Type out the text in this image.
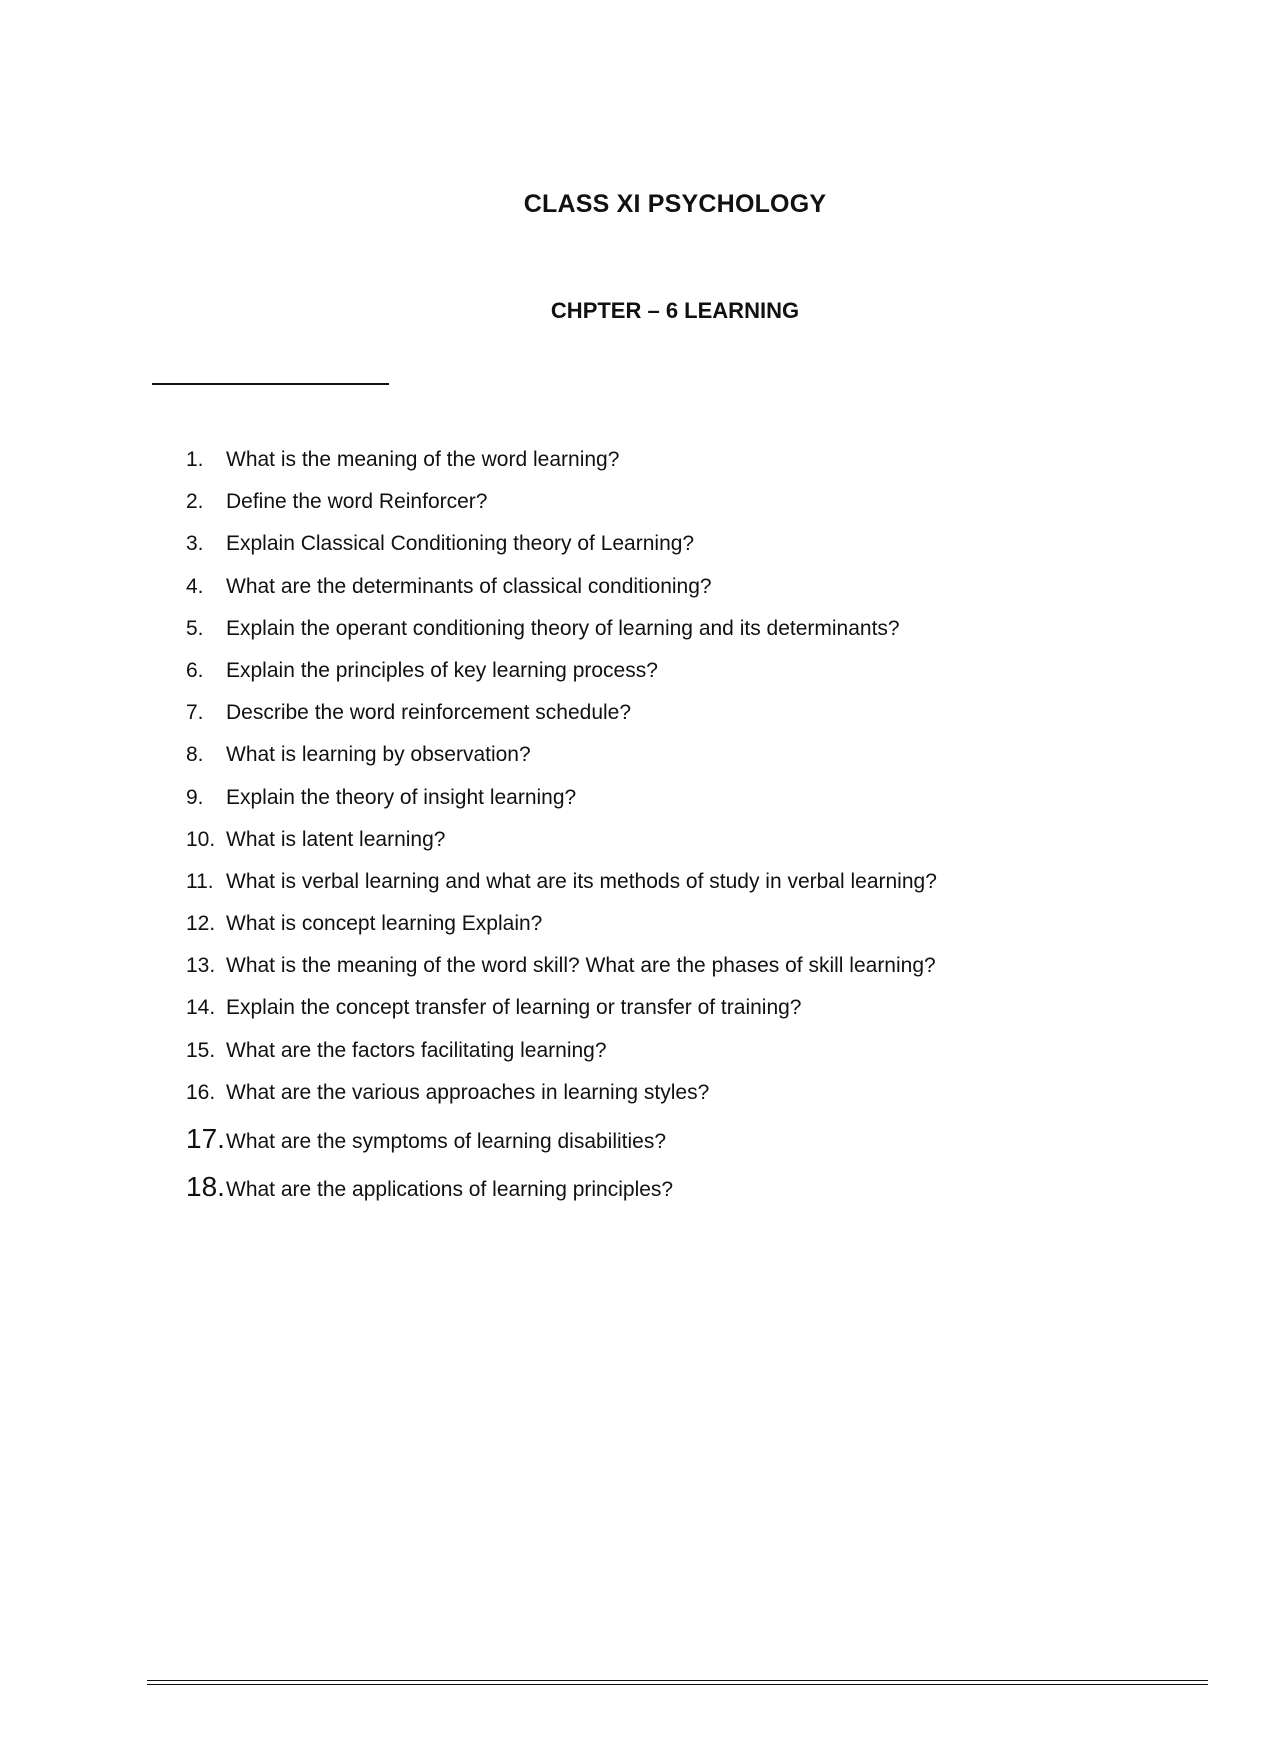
CLASS XI PSYCHOLOGY
CHPTER – 6 LEARNING
1.	What is the meaning of the word learning?
2.	Define the word Reinforcer?
3.	Explain Classical Conditioning theory of Learning?
4.	What are the determinants of classical conditioning?
5.	Explain the operant conditioning theory of learning and its determinants?
6.	Explain the principles of key learning process?
7.	Describe the word reinforcement schedule?
8.	What is learning by observation?
9.	Explain the theory of insight learning?
10. What is latent learning?
11. What is verbal learning and what are its methods of study in verbal learning?
12. What is concept learning Explain?
13. What is the meaning of the word skill? What are the phases of skill learning?
14. Explain the concept transfer of learning or transfer of training?
15. What are the factors facilitating learning?
16. What are the various approaches in learning styles?
17. What are the symptoms of learning disabilities?
18. What are the applications of learning principles?
